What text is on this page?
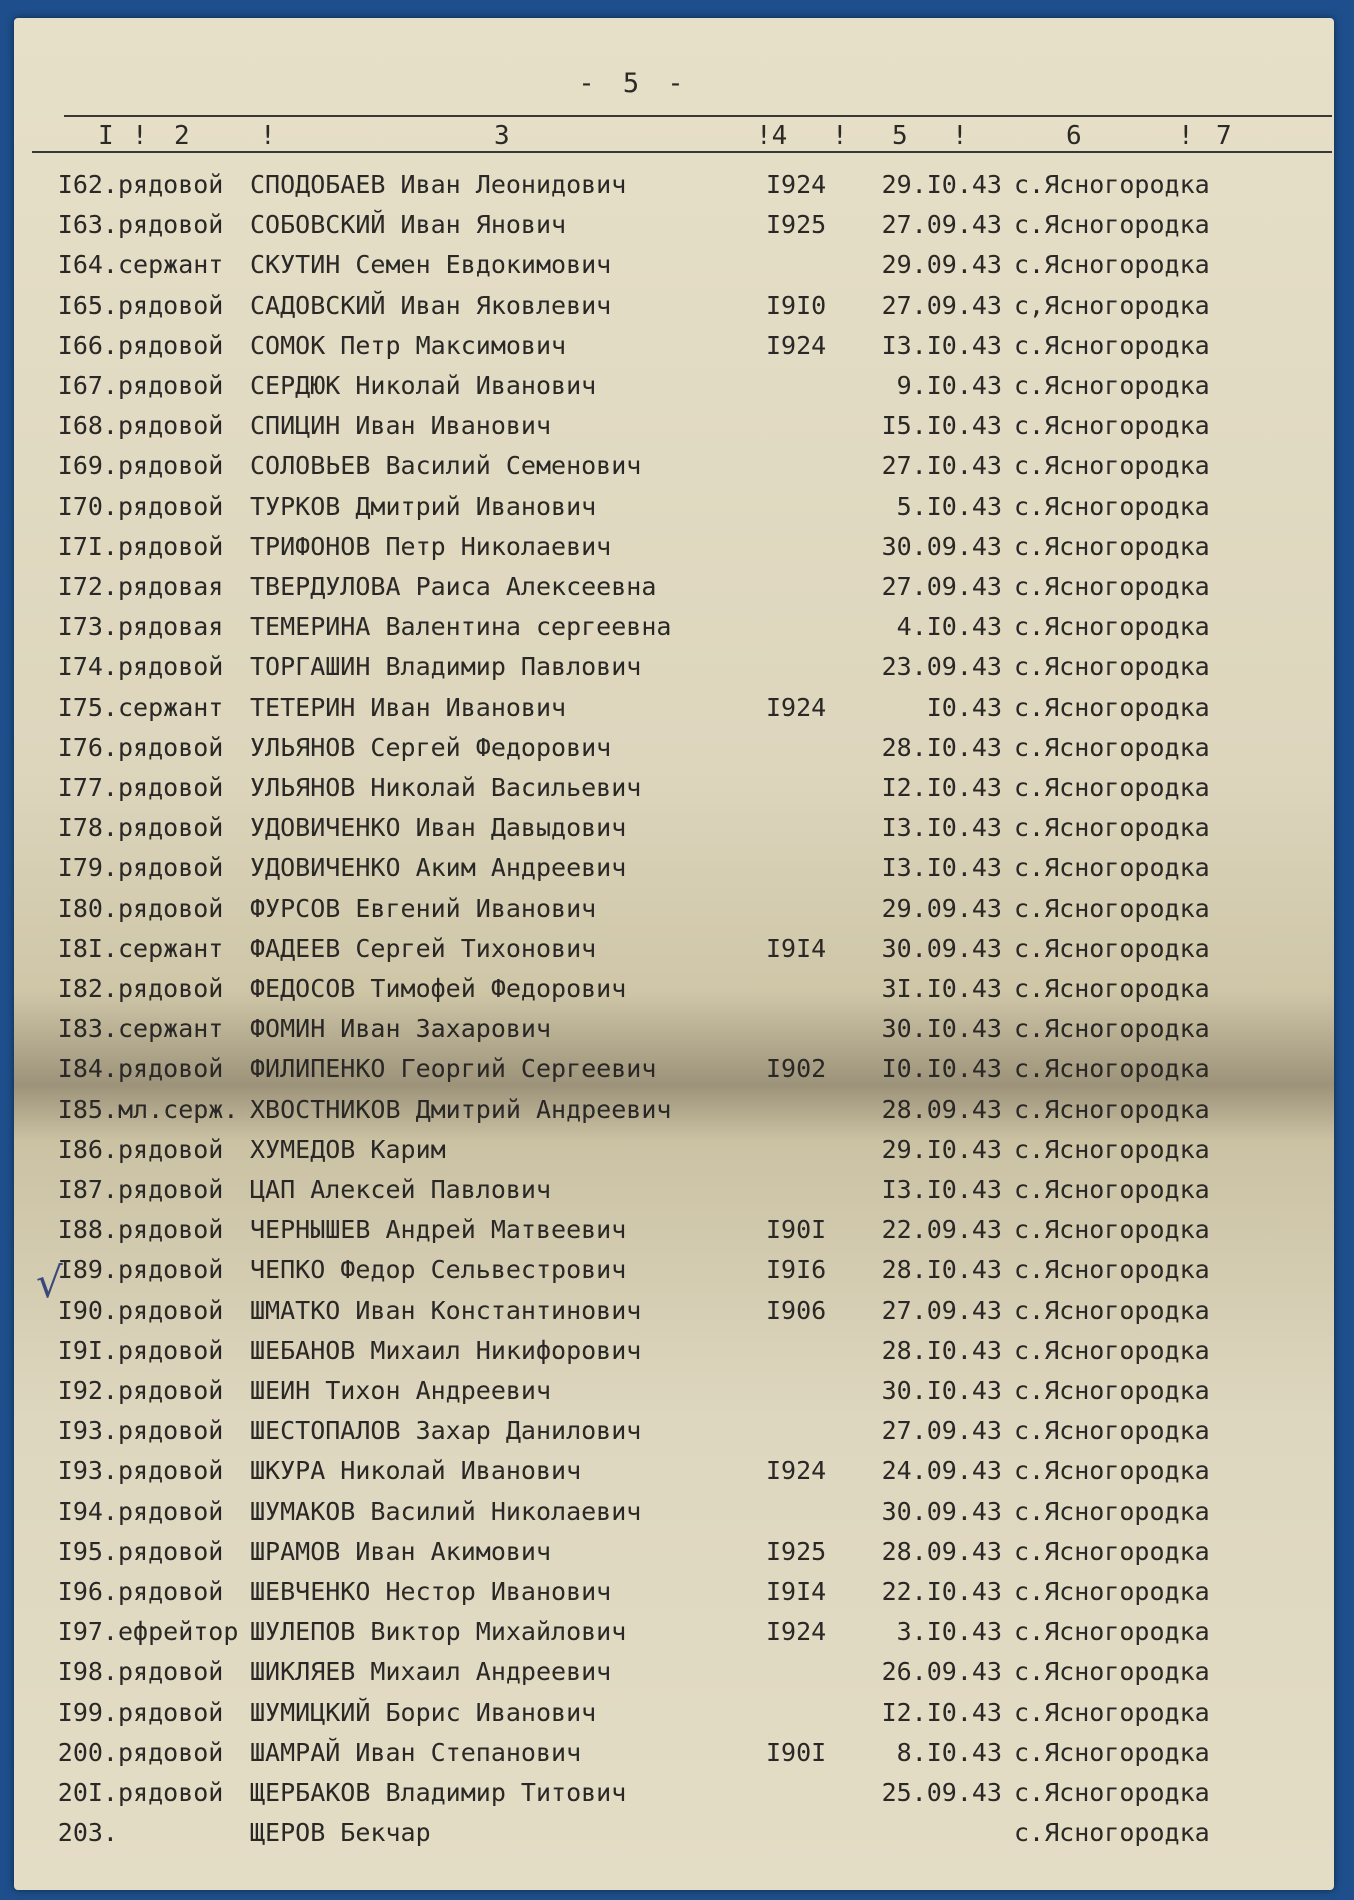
- 5 -
I ! 2	!	3	!4 ! 5 !	6	! 7
√
I62. рядовой СПОДОБАЕВ Иван Леонидович	I924	29.I0.43 с.Ясногородка
I63. рядовой СОБОВСКИЙ Иван Янович	I925	27.09.43 с.Ясногородка
I64. сержант СКУТИН Семен Евдокимович	29.09.43 с.Ясногородка
I65. рядовой САДОВСКИЙ Иван Яковлевич	I9I0	27.09.43 с,Ясногородка
I66. рядовой СОМОК Петр Максимович	I924	I3.I0.43 с.Ясногородка
I67. рядовой СЕРДЮК Николай Иванович	9.I0.43 с.Ясногородка
I68. рядовой СПИЦИН Иван Иванович	I5.I0.43 с.Ясногородка
I69. рядовой СОЛОВЬЕВ Василий Семенович	27.I0.43 с.Ясногородка
I70. рядовой ТУРКОВ Дмитрий Иванович	5.I0.43 с.Ясногородка
I7I. рядовой ТРИФОНОВ Петр Николаевич	30.09.43 с.Ясногородка
I72. рядовая ТВЕРДУЛОВА Раиса Алексеевна	27.09.43 с.Ясногородка
I73. рядовая ТЕМЕРИНА Валентина сергеевна	4.I0.43 с.Ясногородка
I74. рядовой ТОРГАШИН Владимир Павлович	23.09.43 с.Ясногородка
I75. сержант ТЕТЕРИН Иван Иванович	I924	I0.43 с.Ясногородка
I76. рядовой УЛЬЯНОВ Сергей Федорович	28.I0.43 с.Ясногородка
I77. рядовой УЛЬЯНОВ Николай Васильевич	I2.I0.43 с.Ясногородка
I78. рядовой УДОВИЧЕНКО Иван Давыдович	I3.I0.43 с.Ясногородка
I79. рядовой УДОВИЧЕНКО Аким Андреевич	I3.I0.43 с.Ясногородка
I80. рядовой ФУРСОВ Евгений Иванович	29.09.43 с.Ясногородка
I8I. сержант ФАДЕЕВ Сергей Тихонович	I9I4	30.09.43 с.Ясногородка
I82. рядовой ФЕДОСОВ Тимофей Федорович	3I.I0.43 с.Ясногородка
I83. сержант ФОМИН Иван Захарович	30.I0.43 с.Ясногородка
I84. рядовой ФИЛИПЕНКО Георгий Сергеевич	I902	I0.I0.43 с.Ясногородка
I85. мл.серж. ХВОСТНИКОВ Дмитрий Андреевич	28.09.43 с.Ясногородка
I86. рядовой ХУМЕДОВ Карим	29.I0.43 с.Ясногородка
I87. рядовой ЦАП Алексей Павлович	I3.I0.43 с.Ясногородка
I88. рядовой ЧЕРНЫШЕВ Андрей Матвеевич	I90I	22.09.43 с.Ясногородка
I89. рядовой ЧЕПКО Федор Сельвестрович	I9I6	28.I0.43 с.Ясногородка
I90. рядовой ШМАТКО Иван Константинович	I906	27.09.43 с.Ясногородка
I9I. рядовой ШЕБАНОВ Михаил Никифорович	28.I0.43 с.Ясногородка
I92. рядовой ШЕИН Тихон Андреевич	30.I0.43 с.Ясногородка
I93. рядовой ШЕСТОПАЛОВ Захар Данилович	27.09.43 с.Ясногородка
I93. рядовой ШКУРА Николай Иванович	I924	24.09.43 с.Ясногородка
I94. рядовой ШУМАКОВ Василий Николаевич	30.09.43 с.Ясногородка
I95. рядовой ШРАМОВ Иван Акимович	I925	28.09.43 с.Ясногородка
I96. рядовой ШЕВЧЕНКО Нестор Иванович	I9I4	22.I0.43 с.Ясногородка
I97. ефрейтор ШУЛЕПОВ Виктор Михайлович	I924	3.I0.43 с.Ясногородка
I98. рядовой ШИКЛЯЕВ Михаил Андреевич	26.09.43 с.Ясногородка
I99. рядовой ШУМИЦКИЙ Борис Иванович	I2.I0.43 с.Ясногородка
200. рядовой ШАМРАЙ Иван Степанович	I90I	8.I0.43 с.Ясногородка
20I. рядовой ЩЕРБАКОВ Владимир Титович	25.09.43 с.Ясногородка
203.	ЩЕРОВ Бекчар	с.Ясногородка
